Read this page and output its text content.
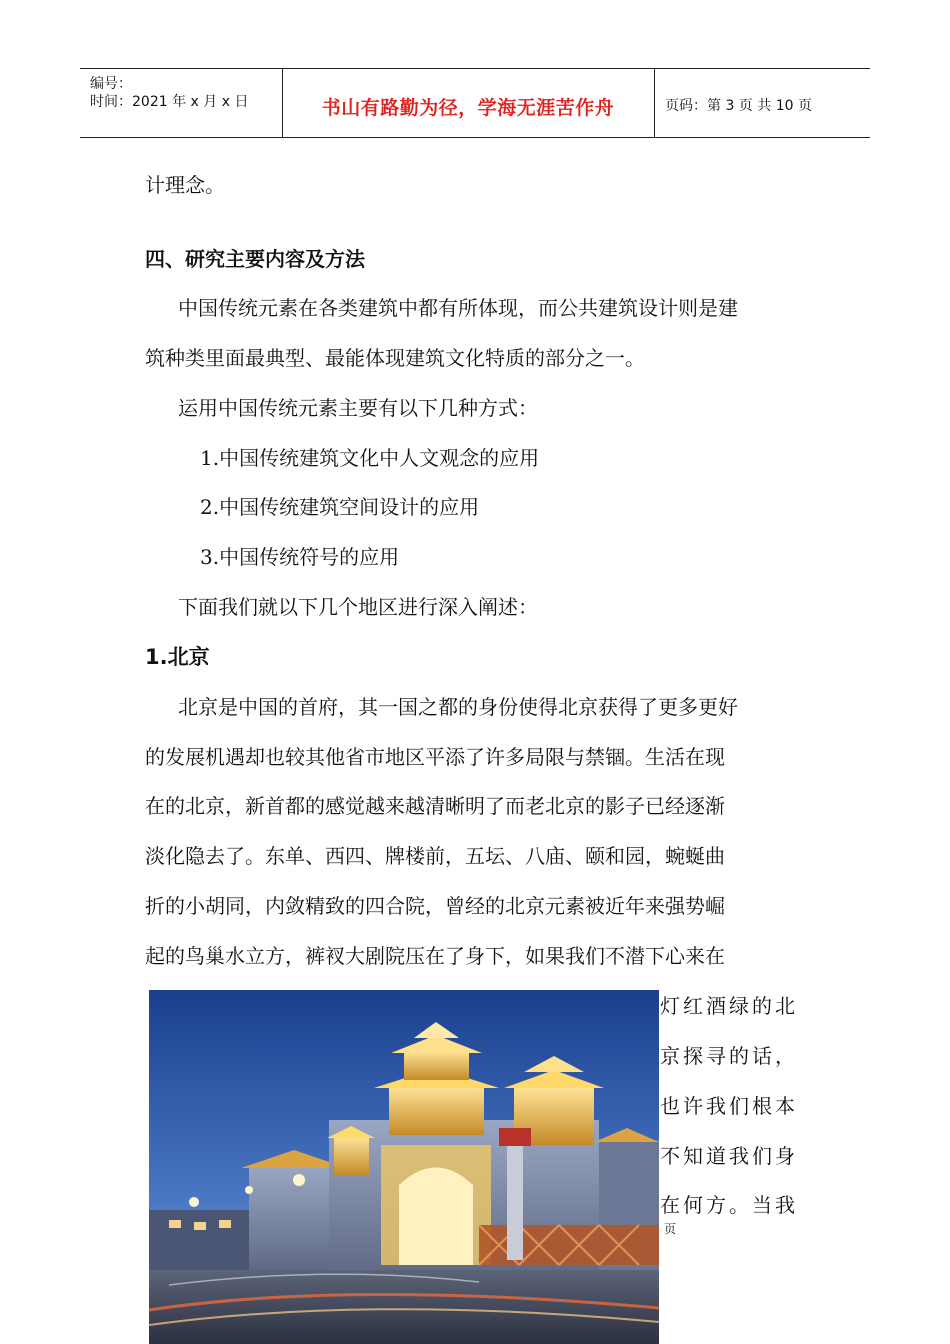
编号：
时间：2021 年 x 月 x 日	书山有路勤为径，学海无涯苦作舟	页码：第 3 页 共 10 页
计理念。
四、研究主要内容及方法
中国传统元素在各类建筑中都有所体现，而公共建筑设计则是建
筑种类里面最典型、最能体现建筑文化特质的部分之一。
运用中国传统元素主要有以下几种方式：
1.中国传统建筑文化中人文观念的应用
2.中国传统建筑空间设计的应用
3.中国传统符号的应用
下面我们就以下几个地区进行深入阐述：
1.北京
北京是中国的首府，其一国之都的身份使得北京获得了更多更好
的发展机遇却也较其他省市地区平添了许多局限与禁锢。生活在现
在的北京，新首都的感觉越来越清晰明了而老北京的影子已经逐渐
淡化隐去了。东单、西四、牌楼前，五坛、八庙、颐和园，蜿蜒曲
折的小胡同，内敛精致的四合院，曾经的北京元素被近年来强势崛
起的鸟巢水立方，裤衩大剧院压在了身下，如果我们不潜下心来在
灯红酒绿的北
京探寻的话，
也许我们根本
不知道我们身
在何方。当我
页
